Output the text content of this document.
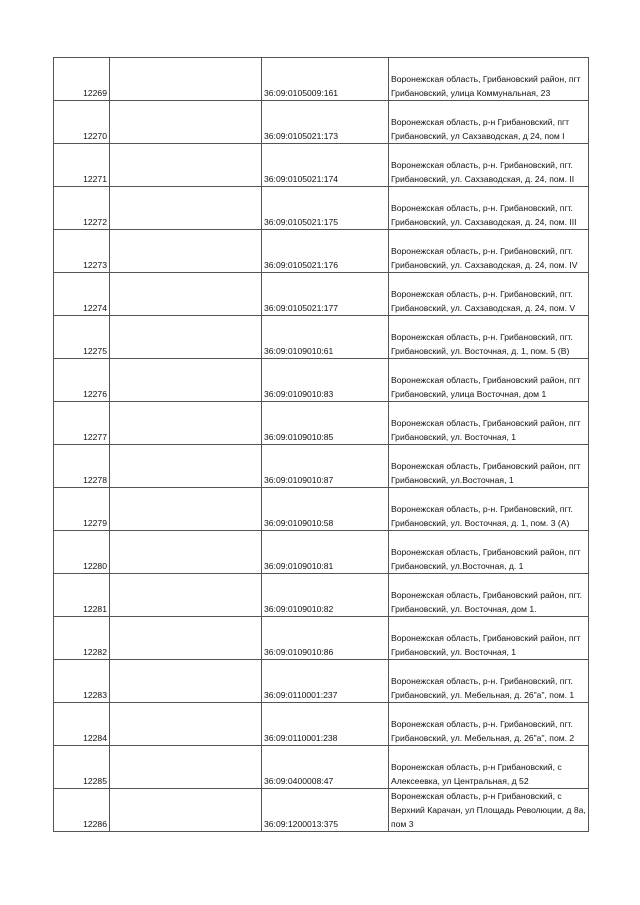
12269		36:09:0105009:161	Воронежская область, Грибановский район, пгт Грибановский, улица Коммунальная, 23
12270		36:09:0105021:173	Воронежская область, р-н Грибановский, пгт Грибановский, ул Сахзаводская, д 24, пом I
12271		36:09:0105021:174	Воронежская область, р-н. Грибановский, пгт. Грибановский, ул. Сахзаводская, д. 24, пом. II
12272		36:09:0105021:175	Воронежская область, р-н. Грибановский, пгт. Грибановский, ул. Сахзаводская, д. 24, пом. III
12273		36:09:0105021:176	Воронежская область, р-н. Грибановский, пгт. Грибановский, ул. Сахзаводская, д. 24, пом. IV
12274		36:09:0105021:177	Воронежская область, р-н. Грибановский, пгт. Грибановский, ул. Сахзаводская, д. 24, пом. V
12275		36:09:0109010:61	Воронежская область, р-н. Грибановский, пгт. Грибановский, ул. Восточная, д. 1, пом. 5 (В)
12276		36:09:0109010:83	Воронежская область, Грибановский район, пгт Грибановский, улица Восточная, дом 1
12277		36:09:0109010:85	Воронежская область, Грибановский район, пгт Грибановский, ул. Восточная, 1
12278		36:09:0109010:87	Воронежская область, Грибановский район, пгт Грибановский, ул.Восточная, 1
12279		36:09:0109010:58	Воронежская область, р-н. Грибановский, пгт. Грибановский, ул. Восточная, д. 1, пом. 3 (А)
12280		36:09:0109010:81	Воронежская область, Грибановский район, пгт Грибановский, ул.Восточная, д. 1
12281		36:09:0109010:82	Воронежская область, Грибановский район, пгт. Грибановский, ул. Восточная, дом 1.
12282		36:09:0109010:86	Воронежская область, Грибановский район, пгт Грибановский, ул. Восточная, 1
12283		36:09:0110001:237	Воронежская область, р-н. Грибановский, пгт. Грибановский, ул. Мебельная, д. 26"а", пом. 1
12284		36:09:0110001:238	Воронежская область, р-н. Грибановский, пгт. Грибановский, ул. Мебельная, д. 26"а", пом. 2
12285		36:09:0400008:47	Воронежская область, р-н Грибановский, с Алексеевка, ул Центральная, д 52
12286		36:09:1200013:375	Воронежская область, р-н Грибановский, с Верхний Карачан, ул Площадь Революции, д 8а, пом 3
